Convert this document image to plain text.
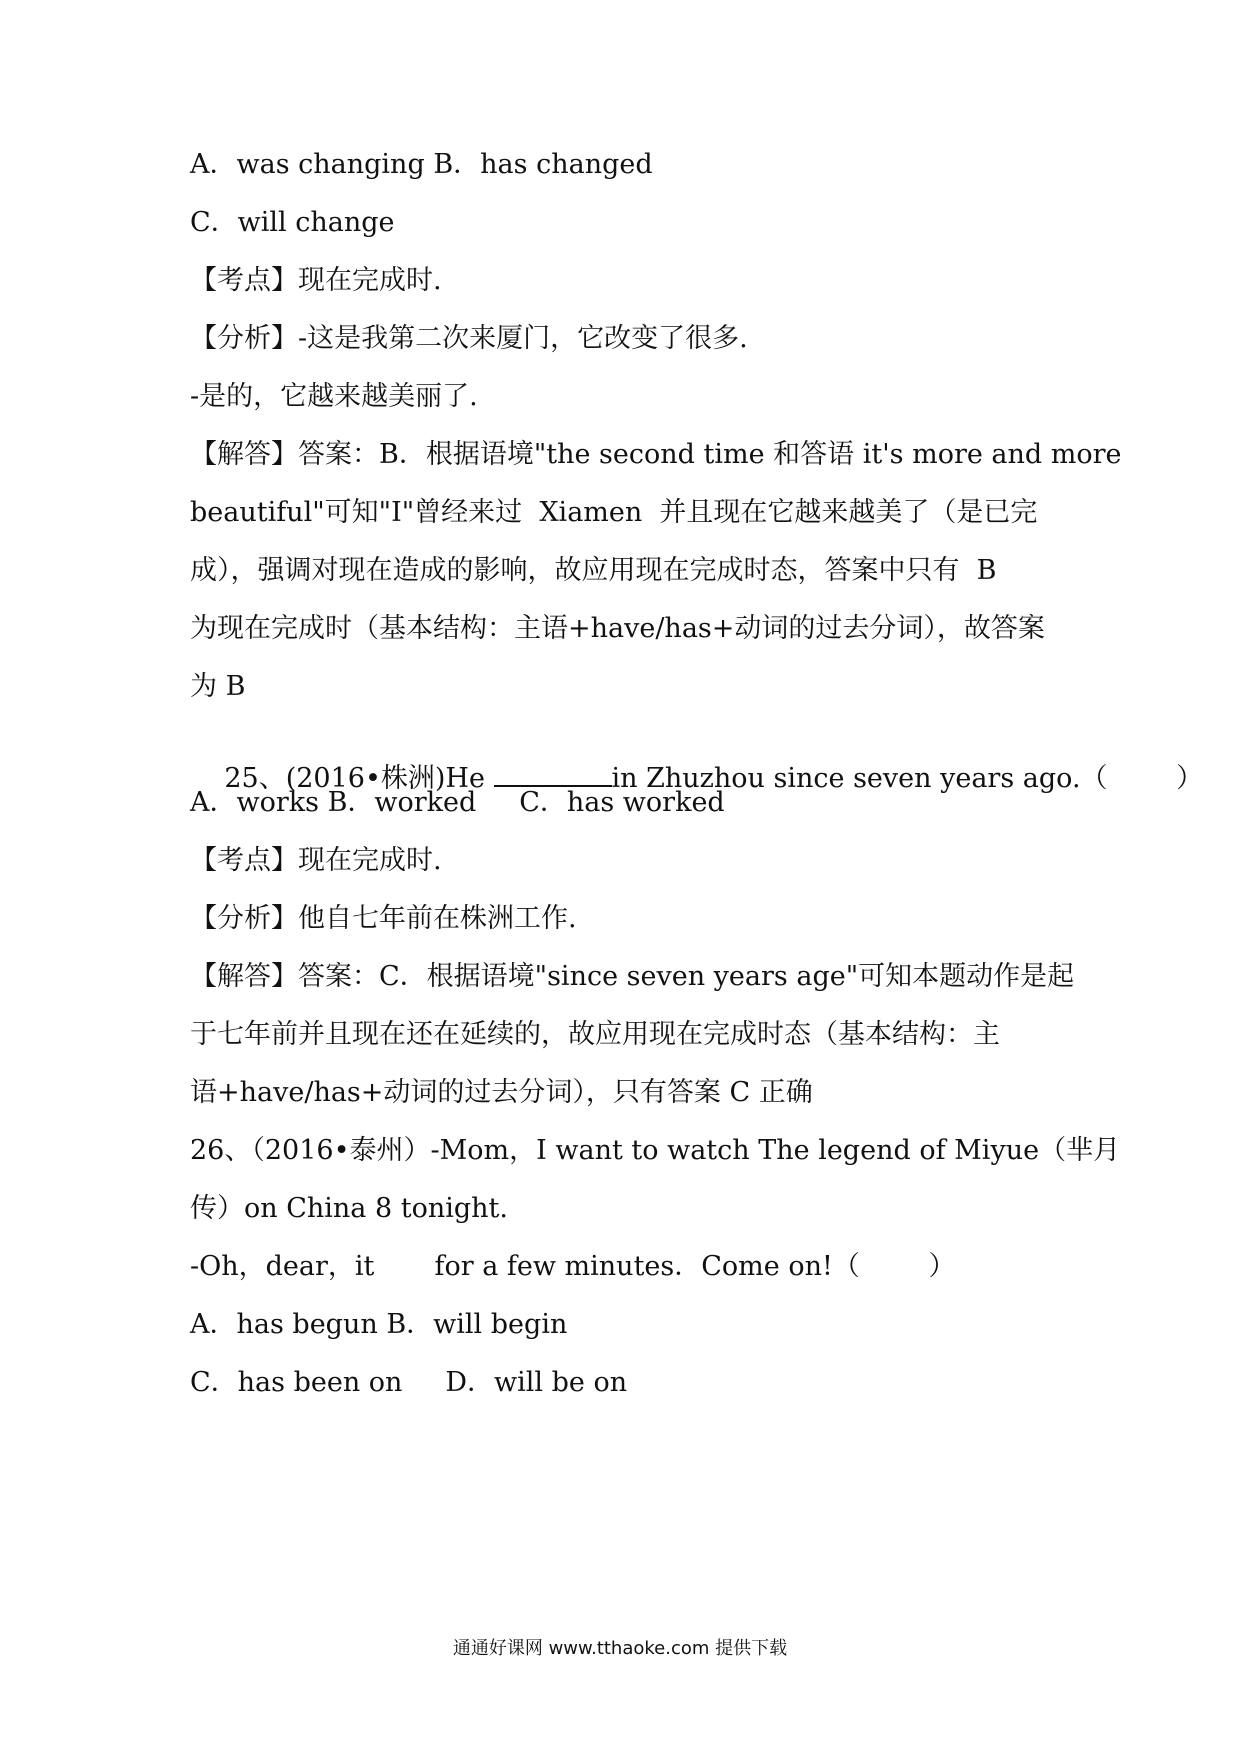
A．was changing B．has changed
C．will change
【考点】现在完成时.
【分析】-这是我第二次来厦门，它改变了很多.
-是的，它越来越美丽了.
【解答】答案：B．根据语境"the second time 和答语 it's more and more
beautiful"可知"I"曾经来过  Xiamen  并且现在它越来越美了（是已完
成），强调对现在造成的影响，故应用现在完成时态，答案中只有  B
为现在完成时（基本结构：主语+have/has+动词的过去分词），故答案
为 B

25、(2016•株洲)He	in Zhuzhou since seven years ago.（        ）

A．works B．worked     C．has worked
【考点】现在完成时.
【分析】他自七年前在株洲工作.
【解答】答案：C．根据语境"since seven years age"可知本题动作是起
于七年前并且现在还在延续的，故应用现在完成时态（基本结构：主
语+have/has+动词的过去分词），只有答案 C 正确
26、（2016•泰州）-Mom，I want to watch The legend of Miyue（芈月
传）on China 8 tonight.
-Oh，dear，it       for a few minutes．Come on!（        ）
A．has begun B．will begin
C．has been on     D．will be on
通通好课网 www.tthaoke.com 提供下载
